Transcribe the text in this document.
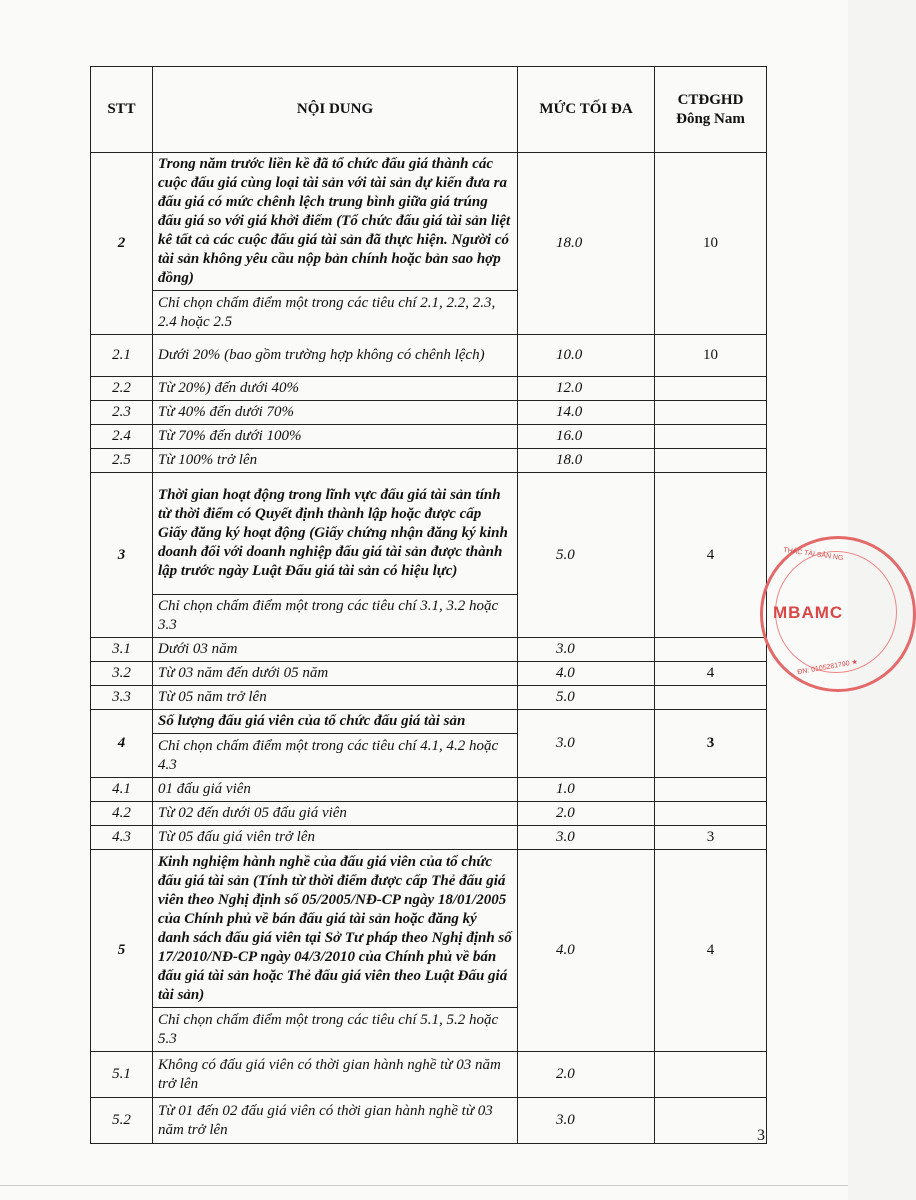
STT	NỘI DUNG	MỨC TỐI ĐA	CTĐGHD Đông Nam
2	Trong năm trước liền kề đã tổ chức đấu giá thành các cuộc đấu giá cùng loại tài sản với tài sản dự kiến đưa ra đấu giá có mức chênh lệch trung bình giữa giá trúng đấu giá so với giá khởi điểm (Tổ chức đấu giá tài sản liệt kê tất cả các cuộc đấu giá tài sản đã thực hiện. Người có tài sản không yêu cầu nộp bản chính hoặc bản sao hợp đồng)	18.0	10
	Chỉ chọn chấm điểm một trong các tiêu chí 2.1, 2.2, 2.3, 2.4 hoặc 2.5		
2.1	Dưới 20% (bao gồm trường hợp không có chênh lệch)	10.0	10
2.2	Từ 20%) đến dưới 40%	12.0	
2.3	Từ 40% đến dưới 70%	14.0	
2.4	Từ 70% đến dưới 100%	16.0	
2.5	Từ 100% trở lên	18.0	
3	Thời gian hoạt động trong lĩnh vực đấu giá tài sản tính từ thời điểm có Quyết định thành lập hoặc được cấp Giấy đăng ký hoạt động (Giấy chứng nhận đăng ký kinh doanh đối với doanh nghiệp đấu giá tài sản được thành lập trước ngày Luật Đấu giá tài sản có hiệu lực)	5.0	4
	Chỉ chọn chấm điểm một trong các tiêu chí 3.1, 3.2 hoặc 3.3		
3.1	Dưới 03 năm	3.0	
3.2	Từ 03 năm đến dưới 05 năm	4.0	4
3.3	Từ 05 năm trở lên	5.0	
4	Số lượng đấu giá viên của tổ chức đấu giá tài sản	3.0	3
	Chỉ chọn chấm điểm một trong các tiêu chí 4.1, 4.2 hoặc 4.3		
4.1	01 đấu giá viên	1.0	
4.2	Từ 02 đến dưới 05 đấu giá viên	2.0	
4.3	Từ 05 đấu giá viên trở lên	3.0	3
5	Kinh nghiệm hành nghề của đấu giá viên của tổ chức đấu giá tài sản (Tính từ thời điểm được cấp Thẻ đấu giá viên theo Nghị định số 05/2005/NĐ-CP ngày 18/01/2005 của Chính phủ về bán đấu giá tài sản hoặc đăng ký danh sách đấu giá viên tại Sở Tư pháp theo Nghị định số 17/2010/NĐ-CP ngày 04/3/2010 của Chính phủ về bán đấu giá tài sản hoặc Thẻ đấu giá viên theo Luật Đấu giá tài sản)	4.0	4
	Chỉ chọn chấm điểm một trong các tiêu chí 5.1, 5.2 hoặc 5.3		
5.1	Không có đấu giá viên có thời gian hành nghề từ 03 năm trở lên	2.0	
5.2	Từ 01 đến 02 đấu giá viên có thời gian hành nghề từ 03 năm trở lên	3.0	
THÁC TÀI SẢN NG
MBAMC
ĐN: 0105281790 ★
3
